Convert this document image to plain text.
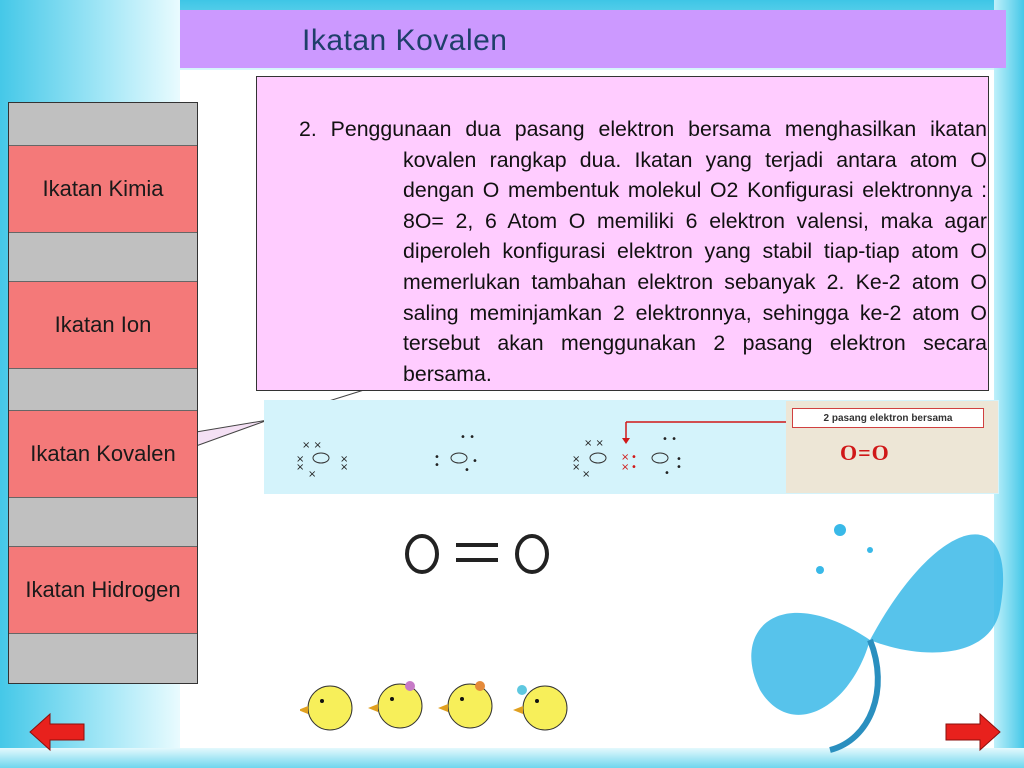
Ikatan Kovalen
Ikatan Kimia
Ikatan Ion
Ikatan Kovalen
Ikatan Hidrogen

2. Penggunaan dua pasang elektron bersama menghasilkan ikatan kovalen rangkap dua. Ikatan yang terjadi antara atom O dengan O membentuk molekul O2 Konfigurasi elektronnya : 8O= 2, 6 Atom O memiliki 6 elektron valensi, maka agar diperoleh konfigurasi elektron yang stabil tiap-tiap atom O memerlukan tambahan elektron sebanyak 2. Ke-2 atom O saling meminjamkan 2 elektronnya, sehingga ke-2 atom O tersebut akan menggunakan 2 pasang elektron secara bersama.

× ×
×
×
×
×
×
• •
•
•	•
•
× ×
×
×
×
×
×
•
•
• •
•
•
•
2 pasang elektron bersama
O=O
